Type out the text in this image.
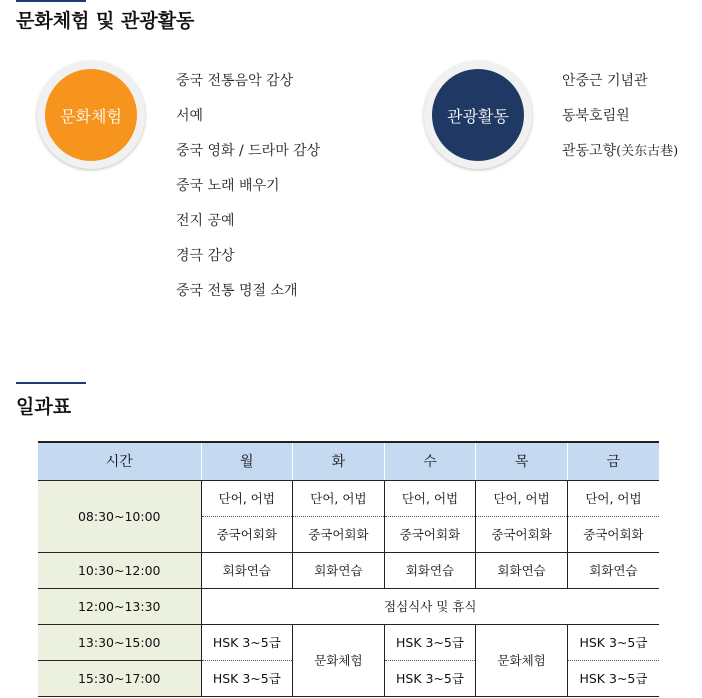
문화체험 및 관광활동
문화체험
중국 전통음악 감상
서예
중국 영화 / 드라마 감상
중국 노래 배우기
전지 공예
경극 감상
중국 전통 명절 소개
관광활동
안중근 기념관
동북호림원
관동고향(关东古巷)
일과표
시간	월	화	수	목	금
08:30~10:00	단어, 어법	단어, 어법	단어, 어법	단어, 어법	단어, 어법
	중국어회화	중국어회화	중국어회화	중국어회화	중국어회화
10:30~12:00	회화연습	회화연습	회화연습	회화연습	회화연습
12:00~13:30	점심식사 및 휴식				
13:30~15:00	HSK 3~5급	문화체험	HSK 3~5급	문화체험	HSK 3~5급
15:30~17:00	HSK 3~5급		HSK 3~5급		HSK 3~5급
